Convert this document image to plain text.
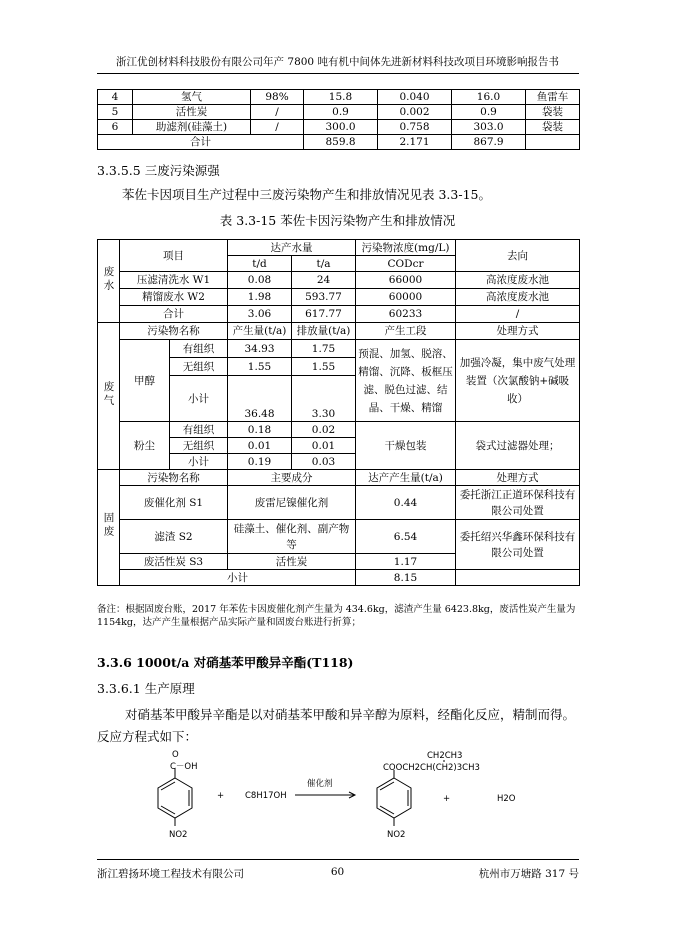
浙江优创材料科技股份有限公司年产 7800 吨有机中间体先进新材料科技改项目环境影响报告书
4	氢气	98%	15.8	0.040	16.0	鱼雷车
5	活性炭	/	0.9	0.002	0.9	袋装
6	助滤剂(硅藻土)	/	300.0	0.758	303.0	袋装
合计			859.8	2.171	867.9	
3.3.5.5 三废污染源强
苯佐卡因项目生产过程中三废污染物产生和排放情况见表 3.3-15。
表 3.3-15 苯佐卡因污染物产生和排放情况
废水	项目		达产水量		污染物浓度(mg/L)	去向
			t/d	t/a	CODcr	
	压滤清洗水 W1		0.08	24	66000	高浓度废水池
	精馏废水 W2		1.98	593.77	60000	高浓度废水池
	合计		3.06	617.77	60233	/
废气	污染物名称		产生量(t/a)	排放量(t/a)	产生工段	处理方式
	甲醇	有组织	34.93	1.75	预混、加氢、脱溶、精馏、沉降、板框压滤、脱色过滤、结晶、干燥、精馏	加强冷凝，集中废气处理装置（次氯酸钠+碱吸收）
		无组织	1.55	1.55		
		小计	36.48	3.30		

	粉尘	有组织	0.18	0.02	干燥包装	袋式过滤器处理；
		无组织	0.01	0.01		
		小计	0.19	0.03		
固废	污染物名称		主要成分		达产产生量(t/a)	处理方式
	废催化剂 S1		废雷尼镍催化剂		0.44	委托浙江正道环保科技有限公司处置
	滤渣 S2		硅藻土、催化剂、副产物等		6.54	委托绍兴华鑫环保科技有限公司处置
	废活性炭 S3		活性炭		1.17	
	小计				8.15	
备注：根据固废台账，2017 年苯佐卡因废催化剂产生量为 434.6kg，滤渣产生量 6423.8kg，废活性炭产生量为 1154kg，达产产生量根据产品实际产量和固废台账进行折算；
3.3.6 1000t/a 对硝基苯甲酸异辛酯(T118)
3.3.6.1 生产原理
对硝基苯甲酸异辛酯是以对硝基苯甲酸和异辛醇为原料，经酯化反应，精制而得。反应方程式如下：
O
C－OH
NO2
+ C8H17OH
催化剂
CH2CH3
COOCH2CH(CH2)3CH3
NO2
+	H2O
浙江碧扬环境工程技术有限公司	60	杭州市万塘路 317 号
